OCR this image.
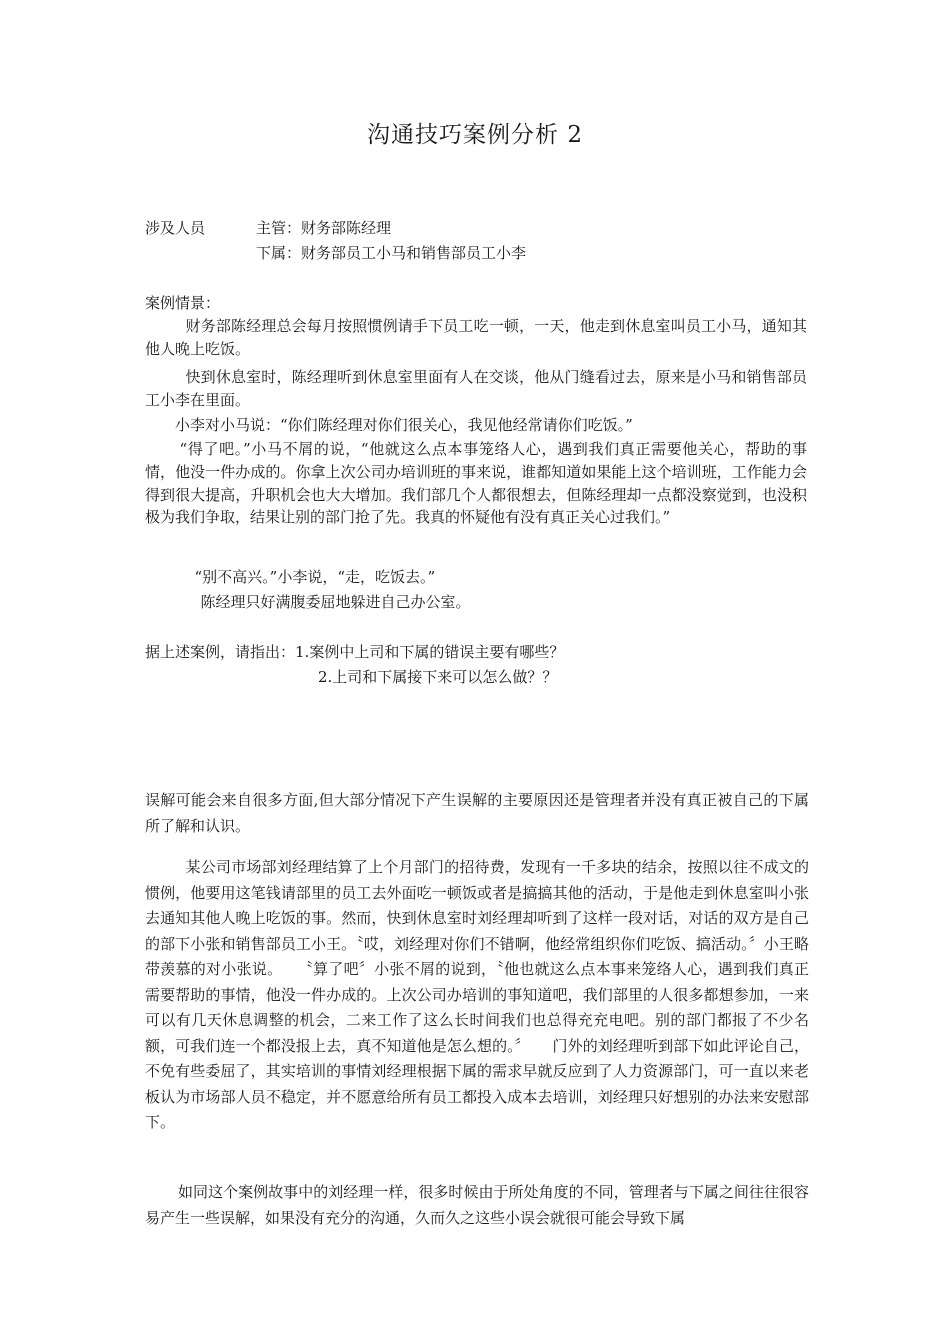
沟通技巧案例分析 2
涉及人员	主管：财务部陈经理
下属：财务部员工小马和销售部员工小李
案例情景：
财务部陈经理总会每月按照惯例请手下员工吃一顿，一天，他走到休息室叫员工小马，通知其他人晚上吃饭。
快到休息室时，陈经理听到休息室里面有人在交谈，他从门缝看过去，原来是小马和销售部员工小李在里面。
小李对小马说：“你们陈经理对你们很关心，我见他经常请你们吃饭。”
“得了吧。”小马不屑的说，“他就这么点本事笼络人心，遇到我们真正需要他关心，帮助的事情，他没一件办成的。你拿上次公司办培训班的事来说，谁都知道如果能上这个培训班，工作能力会得到很大提高，升职机会也大大增加。我们部几个人都很想去，但陈经理却一点都没察觉到，也没积极为我们争取，结果让别的部门抢了先。我真的怀疑他有没有真正关心过我们。”
“别不高兴。”小李说，“走，吃饭去。”
陈经理只好满腹委屈地躲进自己办公室。
据上述案例，请指出：1.案例中上司和下属的错误主要有哪些？
2.上司和下属接下来可以怎么做？？
误解可能会来自很多方面,但大部分情况下产生误解的主要原因还是管理者并没有真正被自己的下属所了解和认识。
某公司市场部刘经理结算了上个月部门的招待费，发现有一千多块的结余，按照以往不成文的惯例，他要用这笔钱请部里的员工去外面吃一顿饭或者是搞搞其他的活动，于是他走到休息室叫小张去通知其他人晚上吃饭的事。然而，快到休息室时刘经理却听到了这样一段对话，对话的双方是自己的部下小张和销售部员工小王。〝哎，刘经理对你们不错啊，他经常组织你们吃饭、搞活动。〞小王略带羡慕的对小张说。　　〝算了吧〞小张不屑的说到，〝他也就这么点本事来笼络人心，遇到我们真正需要帮助的事情，他没一件办成的。上次公司办培训的事知道吧，我们部里的人很多都想参加，一来可以有几天休息调整的机会，二来工作了这么长时间我们也总得充充电吧。别的部门都报了不少名额，可我们连一个都没报上去，真不知道他是怎么想的。〞　　门外的刘经理听到部下如此评论自己，不免有些委屈了，其实培训的事情刘经理根据下属的需求早就反应到了人力资源部门，可一直以来老板认为市场部人员不稳定，并不愿意给所有员工都投入成本去培训，刘经理只好想别的办法来安慰部下。
如同这个案例故事中的刘经理一样，很多时候由于所处角度的不同，管理者与下属之间往往很容易产生一些误解，如果没有充分的沟通，久而久之这些小误会就很可能会导致下属
